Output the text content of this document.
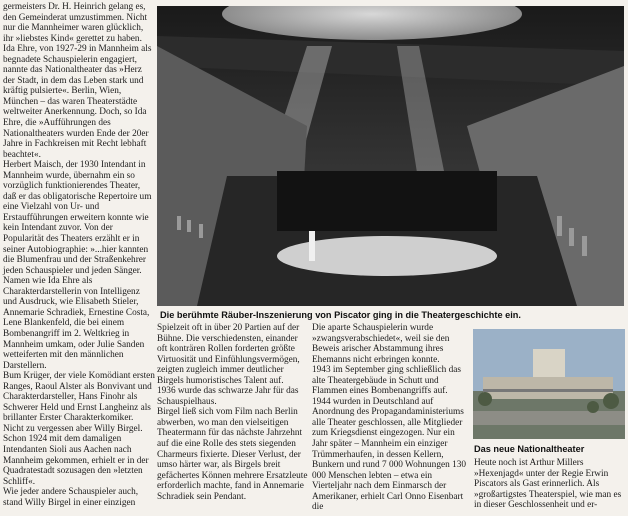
germeisters Dr. H. Heinrich gelang es, den Gemeinderat umzustimmen. Nicht nur die Mannheimer waren glücklich, ihr »liebstes Kind« gerettet zu haben.
Ida Ehre, von 1927-29 in Mannheim als begnadete Schauspielerin engagiert, nannte das Nationaltheater das »Herz der Stadt, in dem das Leben stark und kräftig pulsierte«. Berlin, Wien, München – das waren Theaterstädte weltweiter Anerkennung. Doch, so Ida Ehre, die »Aufführungen des Nationaltheaters wurden Ende der 20er Jahre in Fachkreisen mit Recht lebhaft beachtet«.
Herbert Maisch, der 1930 Intendant in Mannheim wurde, übernahm ein so vorzüglich funktionierendes Theater, daß er das obligatorische Repertoire um eine Vielzahl von Ur- und Erstaufführungen erweitern konnte wie kein Intendant zuvor. Von der Popularität des Theaters erzählt er in seiner Autobiographie: »...hier kannten die Blumenfrau und der Straßenkehrer jeden Schauspieler und jeden Sänger.
Namen wie Ida Ehre als Charakterdarstellerin von Intelligenz und Ausdruck, wie Elisabeth Stieler, Annemarie Schradiek, Ernestine Costa, Lene Blankenfeld, die bei einem Bombenangriff im 2. Weltkrieg in Mannheim umkam, oder Julie Sanden wetteiferten mit den männlichen Darstellern.
Bum Krüger, der viele Komödiant ersten Ranges, Raoul Alster als Bonvivant und Charakterdarsteller, Hans Finohr als Schwerer Held und Ernst Langheinz als brillanter Erster Charakterkomiker. Nicht zu vergessen aber Willy Birgel.
Schon 1924 mit dem damaligen Intendanten Sioli aus Aachen nach Mannheim gekommen, erhielt er in der Quadratestadt sozusagen den »letzten Schliff«.
Wie jeder andere Schauspieler auch, stand Willy Birgel in einer einzigen

Die berühmte Räuber-Inszenierung von Piscator ging in die Theatergeschichte ein.

Spielzeit oft in über 20 Partien auf der Bühne. Die verschiedensten, einander oft konträren Rollen forderten größte Virtuosität und Einfühlungsvermögen, zeigten zugleich immer deutlicher Birgels humoristisches Talent auf.
1936 wurde das schwarze Jahr für das Schauspielhaus.
Birgel ließ sich vom Film nach Berlin abwerben, wo man den vielseitigen Theatermann für das nächste Jahrzehnt auf die eine Rolle des stets siegenden Charmeurs fixierte. Dieser Verlust, der umso härter war, als Birgels breit gefächertes Können mehrere Ersatzleute erforderlich machte, fand in Annemarie Schradiek sein Pendant.

Die aparte Schauspielerin wurde »zwangsverabschiedet«, weil sie den Beweis arischer Abstammung ihres Ehemanns nicht erbringen konnte.
1943 im September ging schließlich das alte Theatergebäude in Schutt und Flammen eines Bombenangriffs auf.
1944 wurden in Deutschland auf Anordnung des Propagandaministeriums alle Theater geschlossen, alle Mitglieder zum Kriegsdienst eingezogen. Nur ein Jahr später – Mannheim ein einziger Trümmerhaufen, in dessen Kellern, Bunkern und rund 7 000 Wohnungen 130 000 Menschen lebten – etwa ein Vierteljahr nach dem Einmarsch der Amerikaner, erhielt Carl Onno Eisenbart die

Das neue Nationaltheater

Heute noch ist Arthur Millers »Hexenjagd« unter der Regie Erwin Piscators als Gast erinnerlich. Als »großartigstes Theaterspiel, wie man es in dieser Geschlossenheit und er-
